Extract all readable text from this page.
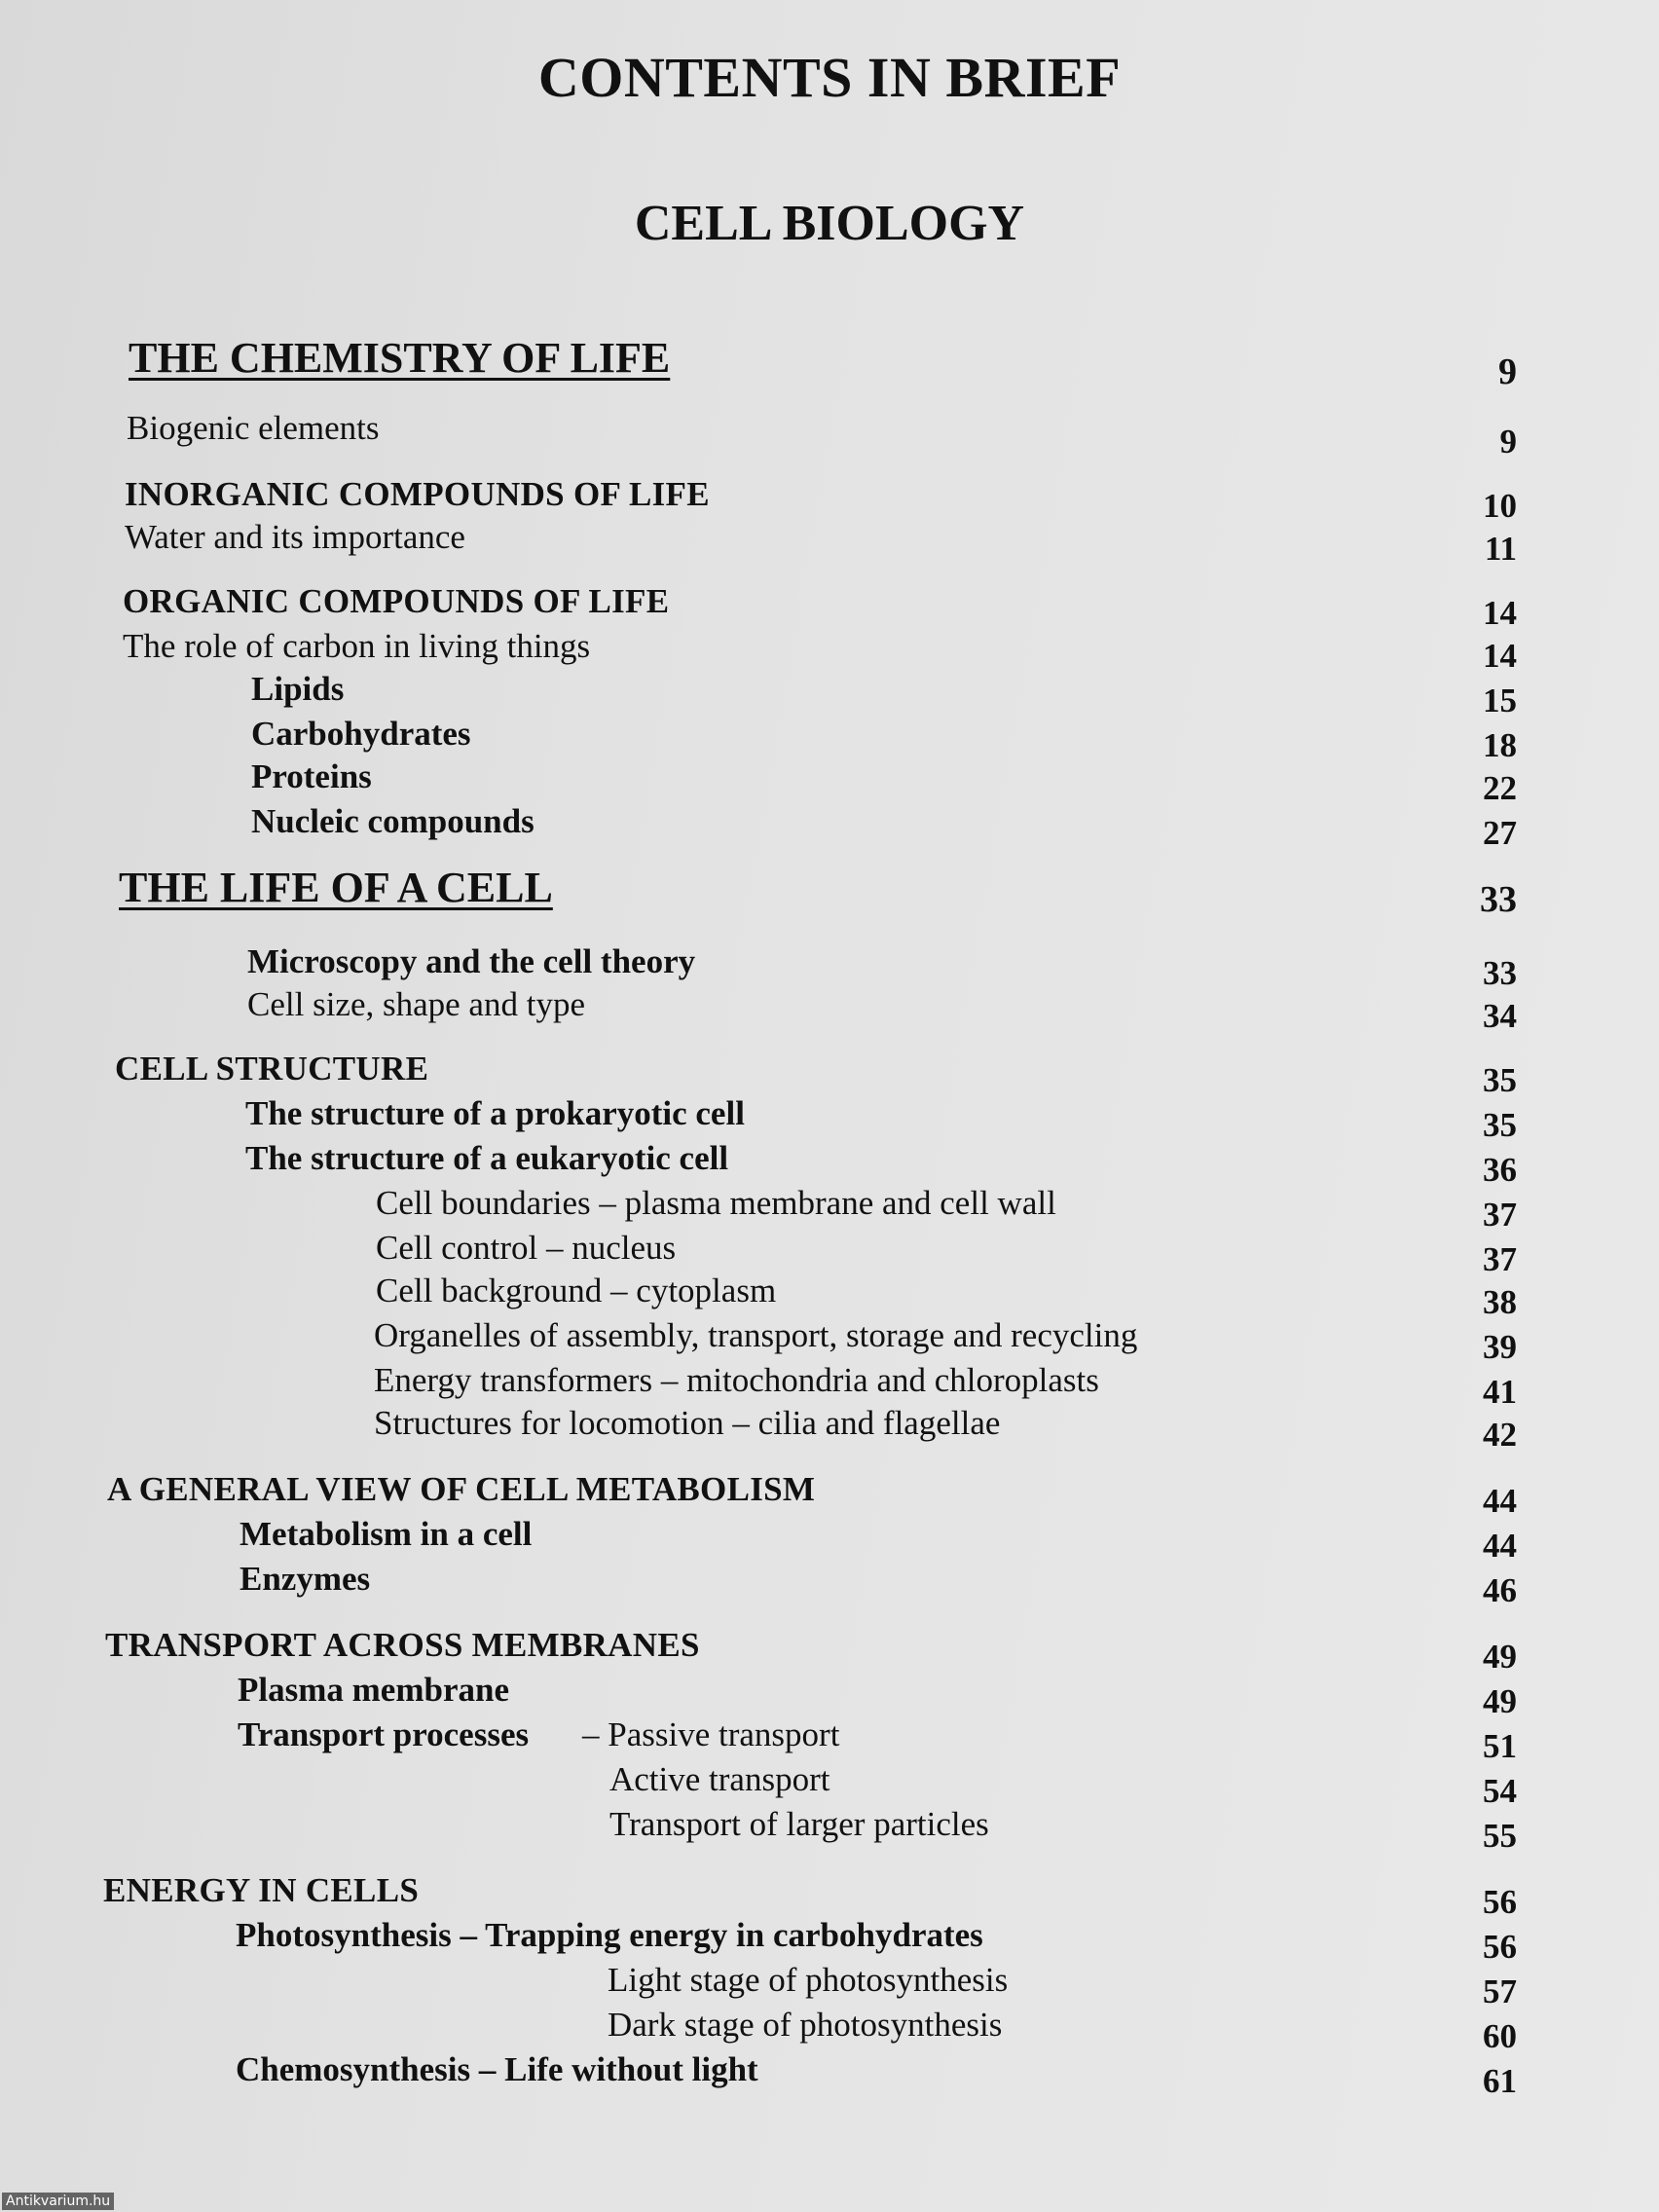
CONTENTS IN BRIEF
CELL BIOLOGY
THE CHEMISTRY OF LIFE	9
Biogenic elements	9
INORGANIC COMPOUNDS OF LIFE	10
Water and its importance	11
ORGANIC COMPOUNDS OF LIFE	14
The role of carbon in living things	14
Lipids	15
Carbohydrates	18
Proteins	22
Nucleic compounds	27
THE LIFE OF A CELL	33
Microscopy and the cell theory	33
Cell size, shape and type	34
CELL STRUCTURE	35
The structure of a prokaryotic cell	35
The structure of a eukaryotic cell	36
Cell boundaries – plasma membrane and cell wall	37
Cell control – nucleus	37
Cell background – cytoplasm	38
Organelles of assembly, transport, storage and recycling	39
Energy transformers – mitochondria and chloroplasts	41
Structures for locomotion – cilia and flagellae	42
A GENERAL VIEW OF CELL METABOLISM	44
Metabolism in a cell	44
Enzymes	46
TRANSPORT ACROSS MEMBRANES	49
Plasma membrane	49
Transport processes – Passive transport	51
Active transport	54
Transport of larger particles	55
ENERGY IN CELLS	56
Photosynthesis – Trapping energy in carbohydrates	56
Light stage of photosynthesis	57
Dark stage of photosynthesis	60
Chemosynthesis – Life without light	61
Antikvarium.hu
